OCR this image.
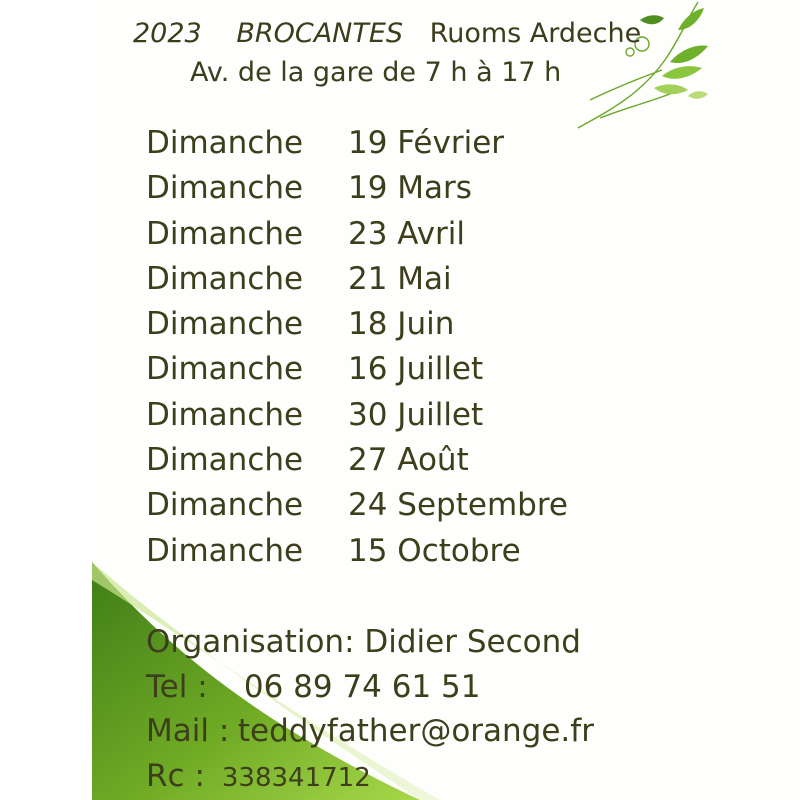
2023 BROCANTES Ruoms Ardeche
Av. de la gare de 7 h à 17 h
Dimanche 19 Février
Dimanche 19 Mars
Dimanche 23 Avril
Dimanche 21 Mai
Dimanche 18 Juin
Dimanche 16 Juillet
Dimanche 30 Juillet
Dimanche 27 Août
Dimanche 24 Septembre
Dimanche 15 Octobre
Organisation: Didier Second
Tel : 06 89 74 61 51
Mail : teddyfather@orange.fr
Rc : 338341712
